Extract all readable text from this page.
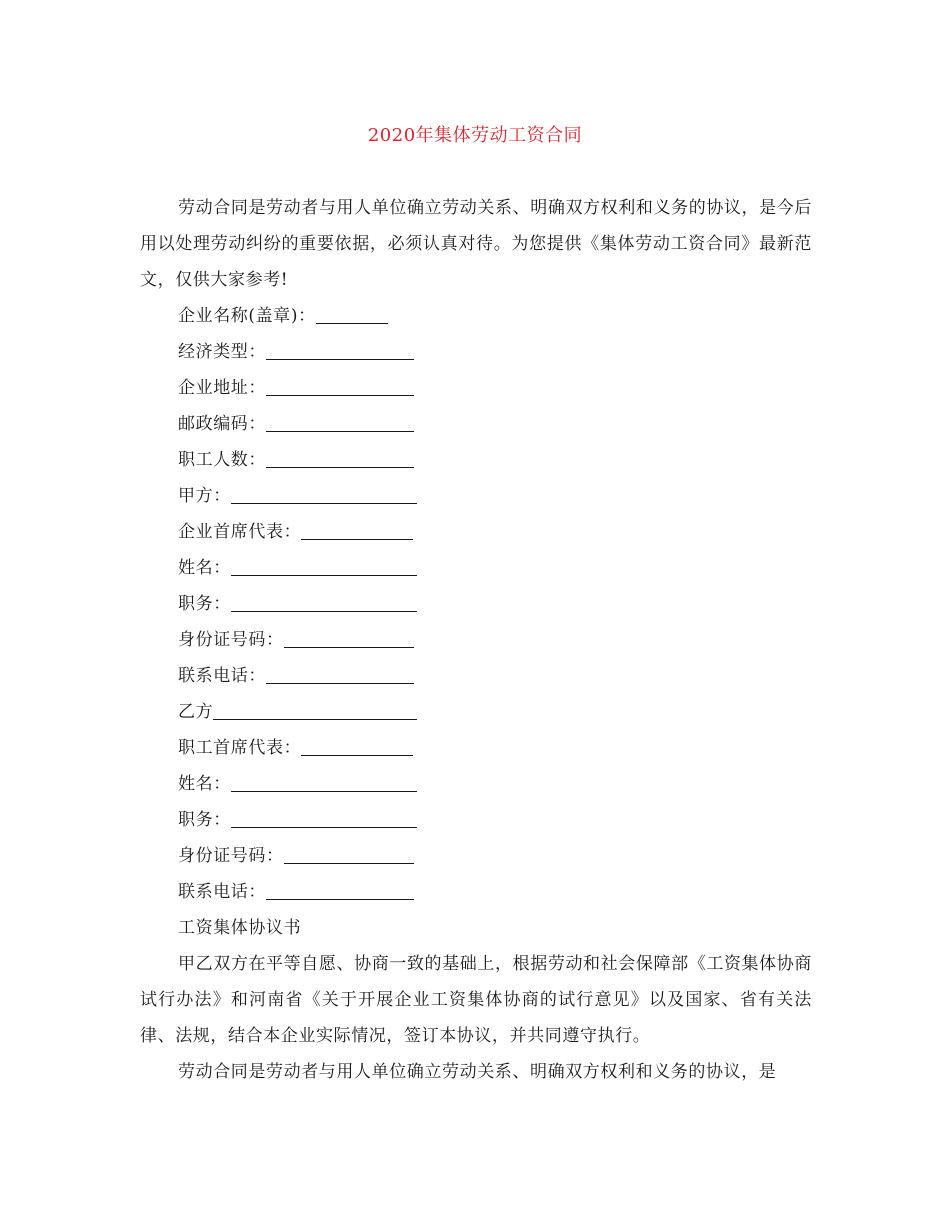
2020年集体劳动工资合同

劳动合同是劳动者与用人单位确立劳动关系、明确双方权利和义务的协议，是今后用以处理劳动纠纷的重要依据，必须认真对待。为您提供《集体劳动工资合同》最新范文，仅供大家参考!

企业名称(盖章)：

经济类型：

企业地址：

邮政编码：

职工人数：

甲方：

企业首席代表：

姓名：

职务：

身份证号码：

联系电话：

乙方

职工首席代表：

姓名：

职务：

身份证号码：

联系电话：

工资集体协议书

甲乙双方在平等自愿、协商一致的基础上，根据劳动和社会保障部《工资集体协商试行办法》和河南省《关于开展企业工资集体协商的试行意见》以及国家、省有关法律、法规，结合本企业实际情况，签订本协议，并共同遵守执行。

劳动合同是劳动者与用人单位确立劳动关系、明确双方权利和义务的协议，是
